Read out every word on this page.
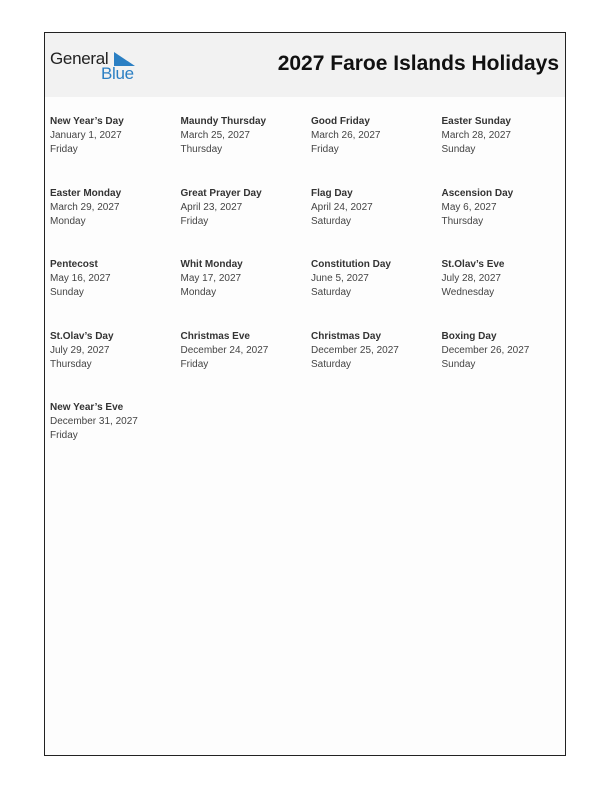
General
Blue	2027 Faroe Islands Holidays
New Year’s Day
January 1, 2027
Friday
Maundy Thursday
March 25, 2027
Thursday
Good Friday
March 26, 2027
Friday
Easter Sunday
March 28, 2027
Sunday
Easter Monday
March 29, 2027
Monday
Great Prayer Day
April 23, 2027
Friday
Flag Day
April 24, 2027
Saturday
Ascension Day
May 6, 2027
Thursday
Pentecost
May 16, 2027
Sunday
Whit Monday
May 17, 2027
Monday
Constitution Day
June 5, 2027
Saturday
St.Olav’s Eve
July 28, 2027
Wednesday
St.Olav’s Day
July 29, 2027
Thursday
Christmas Eve
December 24, 2027
Friday
Christmas Day
December 25, 2027
Saturday
Boxing Day
December 26, 2027
Sunday
New Year’s Eve
December 31, 2027
Friday
